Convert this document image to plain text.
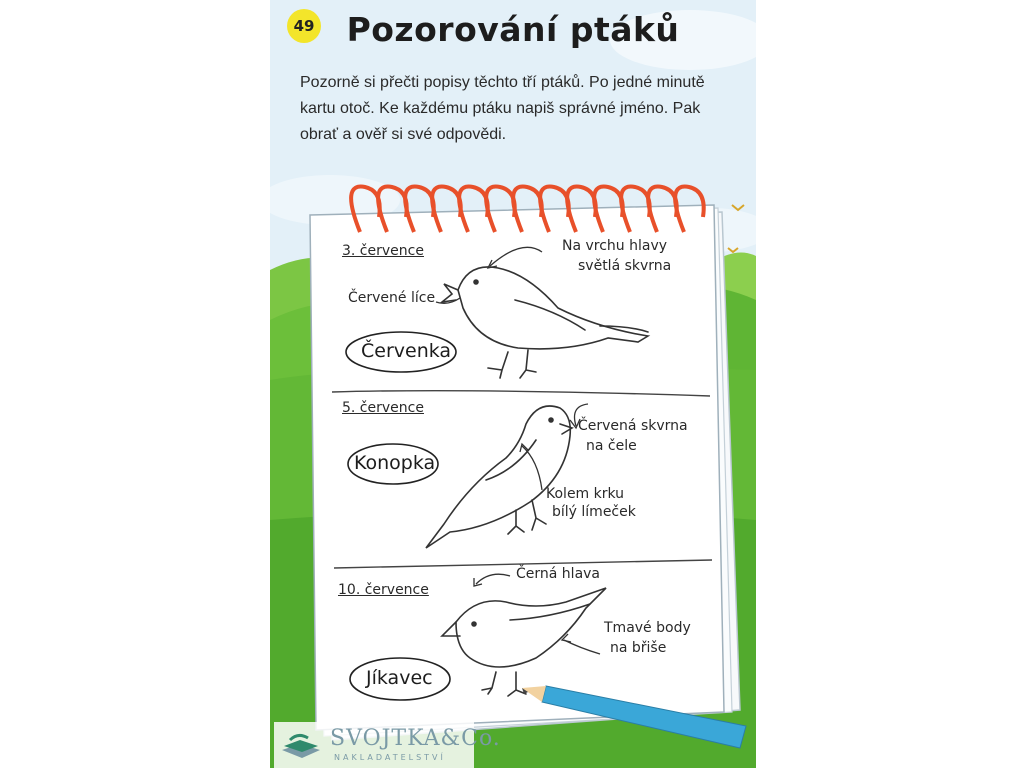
49 Pozorování ptáků
Pozorně si přečti popisy těchto tří ptáků. Po jedné minutě
kartu otoč. Ke každému ptáku napiš správné jméno. Pak
obrať a ověř si své odpovědi.
3. července	Na vrchu hlavy
světlá skvrna
Červené líce
Červenka
5. července
Červená skvrna
na čele
Kolem krku
bílý límeček
Konopka
10. července
Černá hlava
Tmavé body
na břiše
Jíkavec
SVOJTKA&Co.
NAKLADATELSTVÍ
